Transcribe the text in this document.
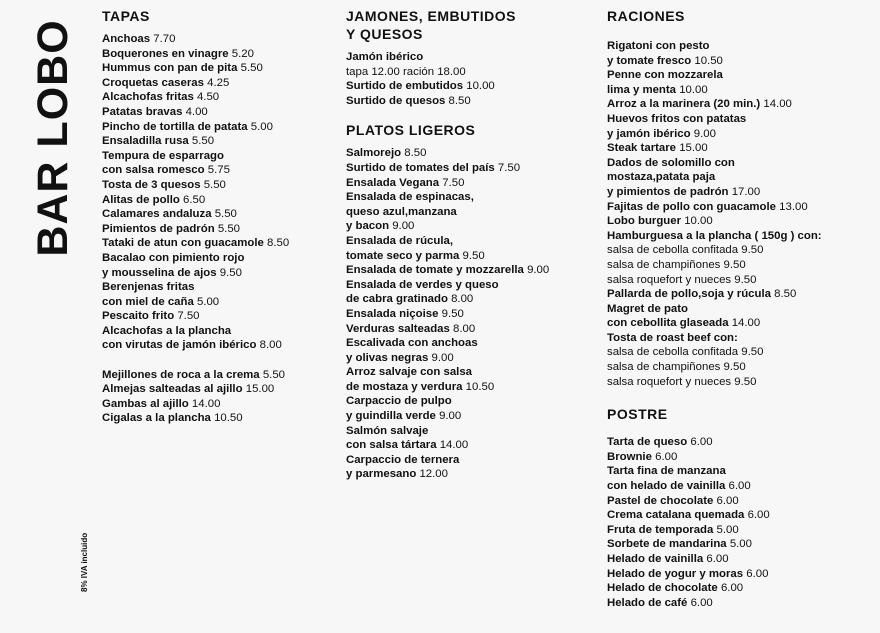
BAR LOBO
8% IVA incluido
TAPAS
Anchoas 7.70
Boquerones en vinagre 5.20
Hummus con pan de pita 5.50
Croquetas caseras 4.25
Alcachofas fritas 4.50
Patatas bravas 4.00
Pincho de tortilla de patata 5.00
Ensaladilla rusa 5.50
Tempura de esparrago
con salsa romesco 5.75
Tosta de 3 quesos 5.50
Alitas de pollo 6.50
Calamares andaluza 5.50
Pimientos de padrón 5.50
Tataki de atun con guacamole 8.50
Bacalao con pimiento rojo
y mousselina de ajos 9.50
Berenjenas fritas
con miel de caña 5.00
Pescaito frito 7.50
Alcachofas a la plancha
con virutas de jamón ibérico 8.00
Mejillones de roca a la crema 5.50
Almejas salteadas al ajillo 15.00
Gambas al ajillo 14.00
Cigalas a la plancha 10.50
JAMONES, EMBUTIDOS
Y QUESOS
Jamón ibérico
tapa 12.00 ración 18.00
Surtido de embutidos 10.00
Surtido de quesos 8.50
PLATOS LIGEROS
Salmorejo 8.50
Surtido de tomates del país 7.50
Ensalada Vegana 7.50
Ensalada de espinacas,
queso azul,manzana
y bacon 9.00
Ensalada de rúcula,
tomate seco y parma 9.50
Ensalada de tomate y mozzarella 9.00
Ensalada de verdes y queso
de cabra gratinado 8.00
Ensalada niçoise 9.50
Verduras salteadas 8.00
Escalivada con anchoas
y olivas negras 9.00
Arroz salvaje con salsa
de mostaza y verdura 10.50
Carpaccio de pulpo
y guindilla verde 9.00
Salmón salvaje
con salsa tártara 14.00
Carpaccio de ternera
y parmesano 12.00
RACIONES
Rigatoni con pesto
y tomate fresco 10.50
Penne con mozzarela
lima y menta 10.00
Arroz a la marinera (20 min.) 14.00
Huevos fritos con patatas
y jamón ibérico 9.00
Steak tartare 15.00
Dados de solomillo con
mostaza,patata paja
y pimientos de padrón 17.00
Fajitas de pollo con guacamole 13.00
Lobo burguer 10.00
Hamburguesa a la plancha ( 150g ) con:
salsa de cebolla confitada 9.50
salsa de champiñones 9.50
salsa roquefort y nueces 9.50
Pallarda de pollo,soja y rúcula 8.50
Magret de pato
con cebollita glaseada 14.00
Tosta de roast beef con:
salsa de cebolla confitada 9.50
salsa de champiñones 9.50
salsa roquefort y nueces 9.50
POSTRE
Tarta de queso 6.00
Brownie 6.00
Tarta fina de manzana
con helado de vainilla 6.00
Pastel de chocolate 6.00
Crema catalana quemada 6.00
Fruta de temporada 5.00
Sorbete de mandarina 5.00
Helado de vainilla 6.00
Helado de yogur y moras 6.00
Helado de chocolate 6.00
Helado de café 6.00
